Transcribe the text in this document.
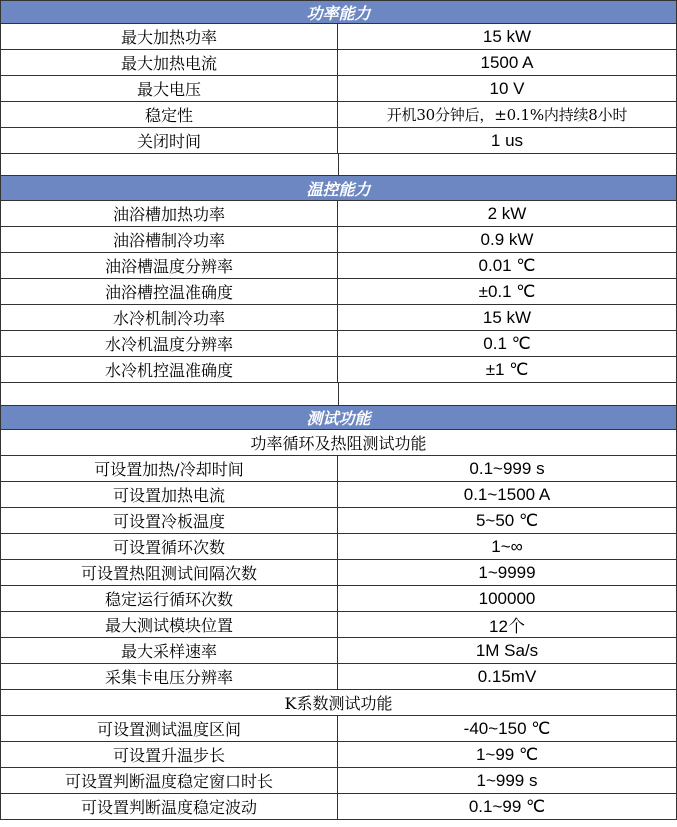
功率能力
最大加热功率	15 kW
最大加热电流	1500 A
最大电压	10 V
稳定性	开机30分钟后，±0.1%内持续8小时
关闭时间	1 us
温控能力
油浴槽加热功率	2 kW
油浴槽制冷功率	0.9 kW
油浴槽温度分辨率	0.01 ℃
油浴槽控温准确度	±0.1 ℃
水冷机制冷功率	15 kW
水冷机温度分辨率	0.1 ℃
水冷机控温准确度	±1 ℃
测试功能
功率循环及热阻测试功能
可设置加热/冷却时间	0.1~999 s
可设置加热电流	0.1~1500 A
可设置冷板温度	5~50 ℃
可设置循环次数	1~∞
可设置热阻测试间隔次数	1~9999
稳定运行循环次数	100000
最大测试模块位置	12个
最大采样速率	1M Sa/s
采集卡电压分辨率	0.15mV
K系数测试功能
可设置测试温度区间	-40~150 ℃
可设置升温步长	1~99 ℃
可设置判断温度稳定窗口时长	1~999 s
可设置判断温度稳定波动	0.1~99 ℃
